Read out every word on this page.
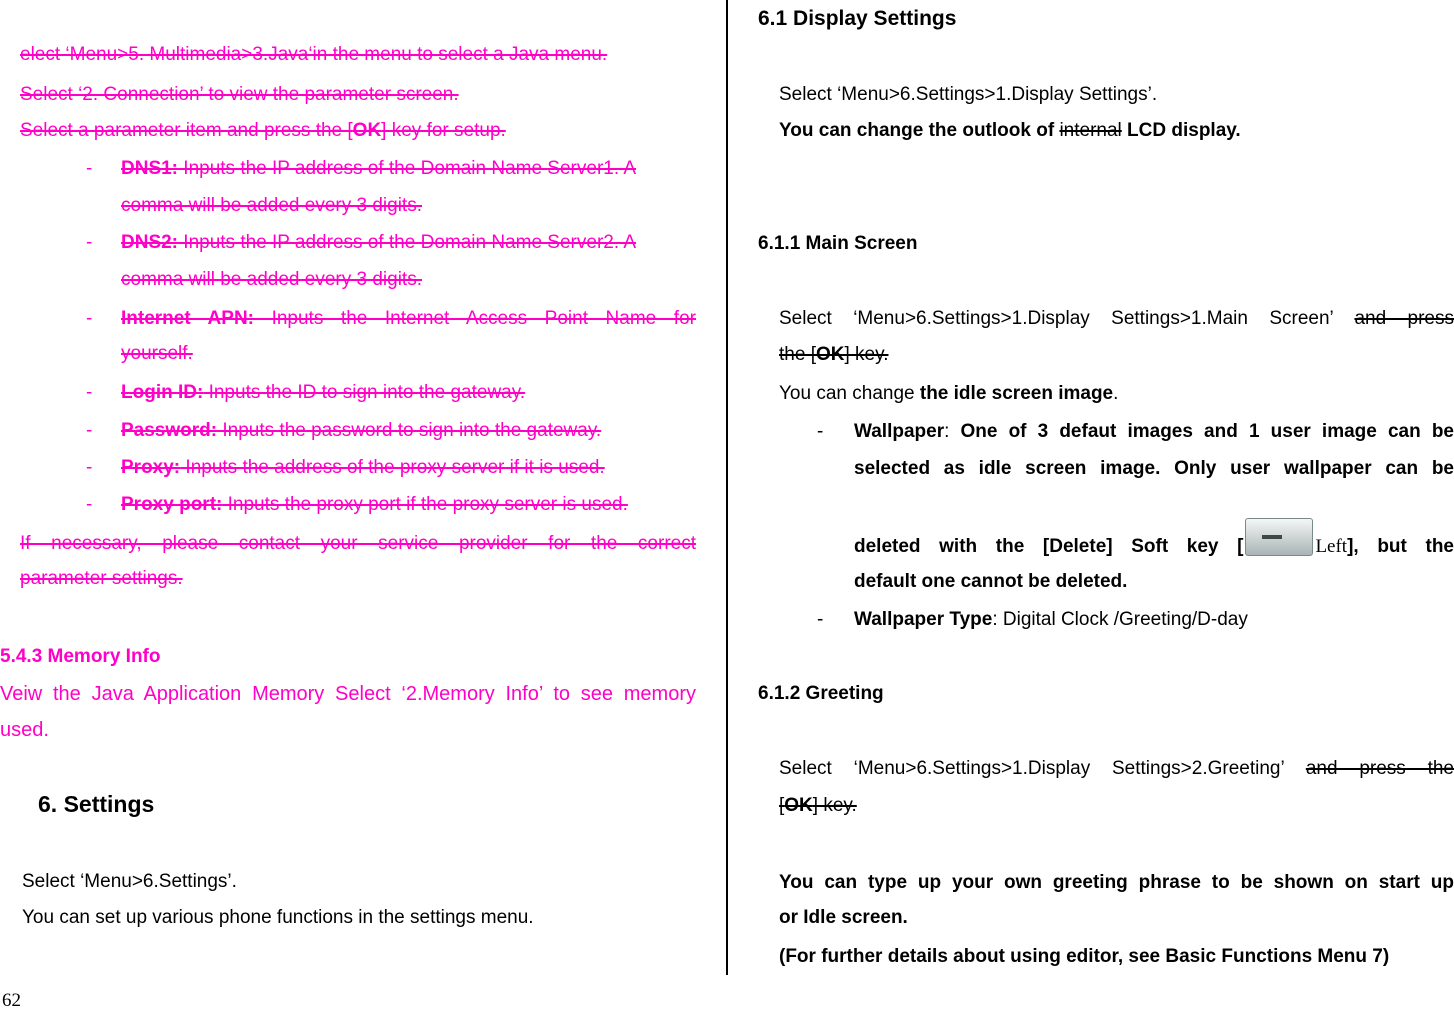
elect ‘Menu>5. Multimedia>3.Java‘in the menu to select a Java menu.
Select ‘2. Connection’ to view the parameter screen.
Select a parameter item and press the [OK] key for setup.
- DNS1: Inputs the IP address of the Domain Name Server1. A
comma will be added every 3 digits.
- DNS2: Inputs the IP address of the Domain Name Server2. A
comma will be added every 3 digits.
- Internet APN: Inputs the Internet Access Point Name for
yourself.
- Login ID: Inputs the ID to sign into the gateway.
- Password: Inputs the password to sign into the gateway.
- Proxy: Inputs the address of the proxy server if it is used.
- Proxy port: Inputs the proxy port if the proxy server is used.
If necessary, please contact your service provider for the correct
parameter settings.
5.4.3 Memory Info
Veiw the Java Application Memory Select ‘2.Memory Info’ to see memory
used.
6. Settings
Select ‘Menu>6.Settings’.
You can set up various phone functions in the settings menu.
6.1 Display Settings
Select ‘Menu>6.Settings>1.Display Settings’.
You can change the outlook of internal LCD display.
6.1.1 Main Screen
Select ‘Menu>6.Settings>1.Display Settings>1.Main Screen’ and press
the [OK] key.
You can change the idle screen image.
- Wallpaper: One of 3 defaut images and 1 user image can be
selected as idle screen image. Only user wallpaper can be
deleted with the [Delete] Soft key [	Left], but the
default one cannot be deleted.
- Wallpaper Type: Digital Clock /Greeting/D-day
6.1.2 Greeting
Select ‘Menu>6.Settings>1.Display Settings>2.Greeting’ and press the
[OK] key.
You can type up your own greeting phrase to be shown on start up
or Idle screen.
(For further details about using editor, see Basic Functions Menu 7)
62
